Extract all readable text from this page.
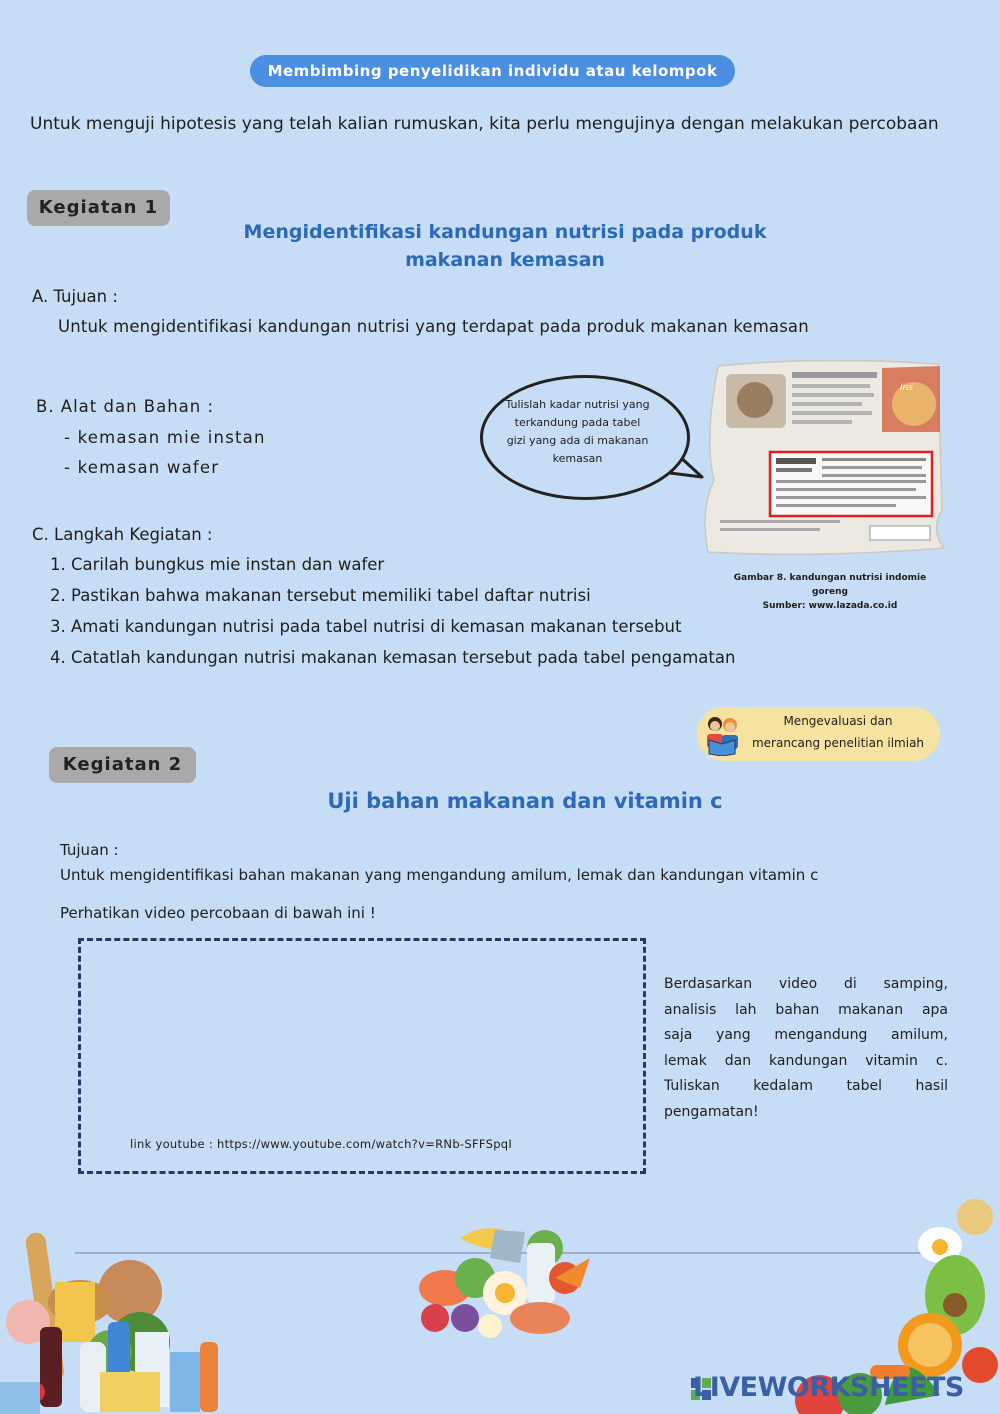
Membimbing penyelidikan individu atau kelompok
Untuk menguji hipotesis yang telah kalian rumuskan, kita perlu mengujinya dengan melakukan percobaan
Kegiatan 1
Mengidentifikasi kandungan nutrisi pada produk
makanan kemasan
A. Tujuan :
Untuk mengidentifikasi kandungan nutrisi yang terdapat pada produk makanan kemasan
B. Alat dan Bahan :
- kemasan mie instan
- kemasan wafer
Tulislah kadar nutrisi yang terkandung pada tabel gizi yang ada di makanan kemasan
Ins
Gambar 8. kandungan nutrisi indomie goreng
Sumber: www.lazada.co.id
C. Langkah Kegiatan :
1. Carilah bungkus mie instan dan wafer
2. Pastikan bahwa makanan tersebut memiliki tabel daftar nutrisi
3. Amati kandungan nutrisi pada tabel nutrisi di kemasan makanan tersebut
4. Catatlah kandungan nutrisi makanan kemasan tersebut pada tabel pengamatan
Mengevaluasi dan
merancang penelitian ilmiah
Kegiatan 2
Uji bahan makanan dan vitamin c
Tujuan :
Untuk mengidentifikasi bahan makanan yang mengandung amilum, lemak dan kandungan vitamin c
Perhatikan video percobaan di bawah ini !
link youtube : https://www.youtube.com/watch?v=RNb-SFFSpqI
Berdasarkan video di samping,
analisis lah bahan makanan apa
saja yang mengandung amilum,
lemak dan kandungan vitamin c.
Tuliskan kedalam tabel hasil
pengamatan!
LIVEWORKSHEETS
